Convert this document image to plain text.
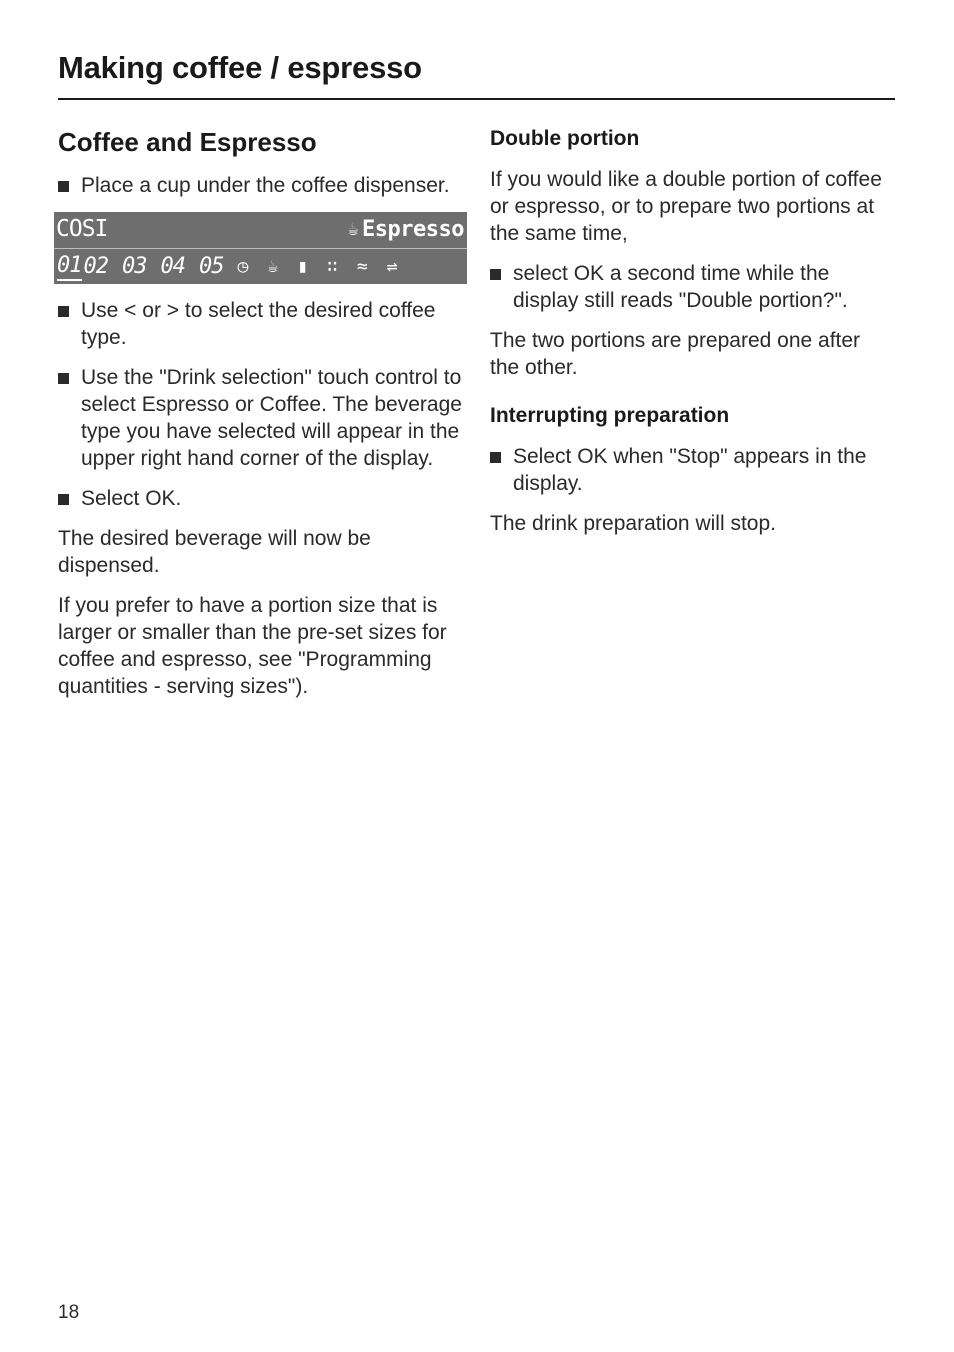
Making coffee / espresso
Coffee and Espresso
Place a cup under the coffee dispenser.
COSI	☕ Espresso
01 02 03 04 05 ◷ ☕ ▮ ∷ ≈ ⇌
Use < or > to select the desired coffee type.
Use the "Drink selection" touch control to select Espresso or Coffee. The beverage type you have selected will appear in the upper right hand corner of the display.
Select OK.

The desired beverage will now be dispensed.

If you prefer to have a portion size that is larger or smaller than the pre-set sizes for coffee and espresso, see "Programming quantities - serving sizes").

Double portion

If you would like a double portion of coffee or espresso, or to prepare two portions at the same time,

select OK a second time while the display still reads "Double portion?".

The two portions are prepared one after the other.

Interrupting preparation
Select OK when "Stop" appears in the display.

The drink preparation will stop.

18
